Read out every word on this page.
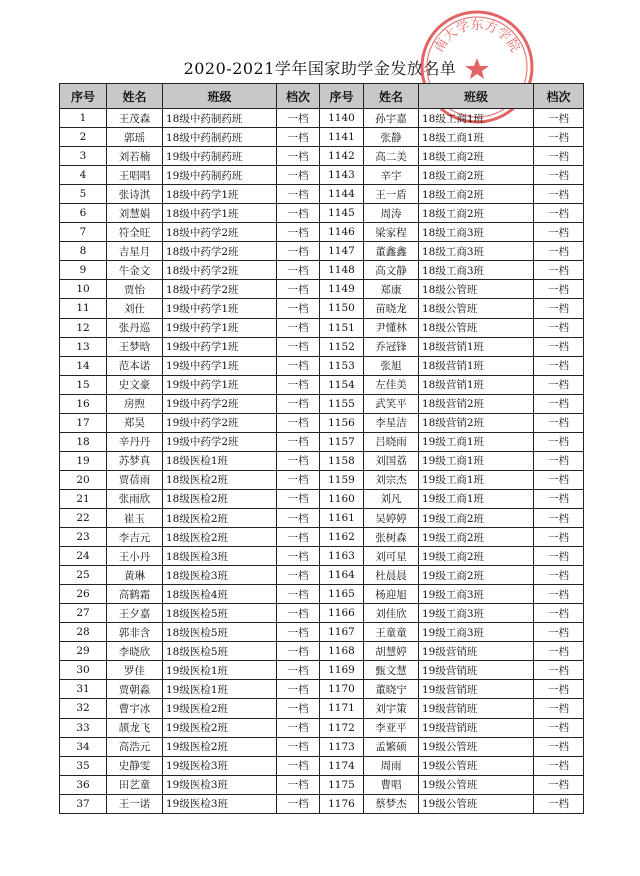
2020-2021学年国家助学金发放名单
南大学东方学院
序号	姓名	班级	档次	序号	姓名	班级	档次
1	王茂森	18级中药制药班	一档	1140	孙宇嘉	18级工商1班	一档
2	郭瑶	18级中药制药班	一档	1141	张静	18级工商1班	一档
3	刘若楠	19级中药制药班	一档	1142	高二美	18级工商2班	一档
4	王唱唱	19级中药制药班	一档	1143	辛宇	18级工商2班	一档
5	张诗淇	18级中药学1班	一档	1144	王一盾	18级工商2班	一档
6	刘慧娟	18级中药学1班	一档	1145	周涛	18级工商2班	一档
7	符全旺	18级中药学2班	一档	1146	梁家程	18级工商3班	一档
8	吉星月	18级中药学2班	一档	1147	董鑫鑫	18级工商3班	一档
9	牛金文	18级中药学2班	一档	1148	高文静	18级工商3班	一档
10	贾怡	18级中药学2班	一档	1149	郑康	18级公管班	一档
11	刘仕	19级中药学1班	一档	1150	苗晓龙	18级公管班	一档
12	张丹巡	19级中药学1班	一档	1151	尹懂林	18级公管班	一档
13	王梦晗	19级中药学1班	一档	1152	乔冠锋	18级营销1班	一档
14	范本诺	19级中药学1班	一档	1153	张旭	18级营销1班	一档
15	史文豪	19级中药学1班	一档	1154	左佳美	18级营销1班	一档
16	房煦	19级中药学2班	一档	1155	武笑平	18级营销2班	一档
17	郑昊	19级中药学2班	一档	1156	李星洁	18级营销2班	一档
18	辛丹丹	19级中药学2班	一档	1157	吕晓雨	19级工商1班	一档
19	苏梦真	18级医检1班	一档	1158	刘国荔	19级工商1班	一档
20	贾蓓雨	18级医检2班	一档	1159	刘宗杰	19级工商1班	一档
21	张雨欣	18级医检2班	一档	1160	刘凡	19级工商1班	一档
22	崔玉	18级医检2班	一档	1161	吴婷婷	19级工商2班	一档
23	李吉元	18级医检2班	一档	1162	张树森	19级工商2班	一档
24	王小丹	18级医检3班	一档	1163	刘可星	19级工商2班	一档
25	黄琳	18级医检3班	一档	1164	杜晨晨	19级工商2班	一档
26	高鹤霜	18级医检4班	一档	1165	杨迎旭	19级工商3班	一档
27	王夕嘉	18级医检5班	一档	1166	刘佳欣	19级工商3班	一档
28	郭非含	18级医检5班	一档	1167	王童童	19级工商3班	一档
29	李晓欣	18级医检5班	一档	1168	胡慧婷	19级营销班	一档
30	罗佳	19级医检1班	一档	1169	甄文慧	19级营销班	一档
31	贾朝淼	19级医检1班	一档	1170	董晓宁	19级营销班	一档
32	曹宇冰	19级医检2班	一档	1171	刘宇策	19级营销班	一档
33	颉龙飞	19级医检2班	一档	1172	李亚平	19级营销班	一档
34	高浩元	19级医检2班	一档	1173	孟繁硕	19级公管班	一档
35	史静雯	19级医检3班	一档	1174	周雨	19级公管班	一档
36	田艺童	19级医检3班	一档	1175	曹唱	19级公管班	一档
37	王一诺	19级医检3班	一档	1176	蔡梦杰	19级公管班	一档
